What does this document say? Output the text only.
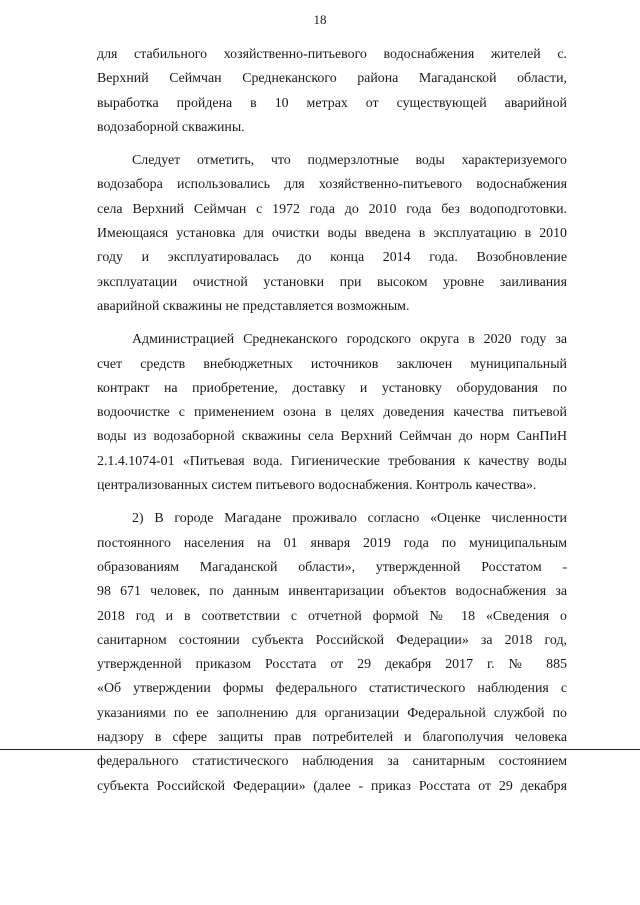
18
для стабильного хозяйственно-питьевого водоснабжения жителей с.
Верхний Сеймчан Среднеканского района Магаданской области,
выработка пройдена в 10 метрах от существующей аварийной
водозаборной скважины.
Следует отметить, что подмерзлотные воды характеризуемого
водозабора использовались для хозяйственно-питьевого водоснабжения
села Верхний Сеймчан с 1972 года до 2010 года без водоподготовки.
Имеющаяся установка для очистки воды введена в эксплуатацию в 2010
году и эксплуатировалась до конца 2014 года. Возобновление
эксплуатации очистной установки при высоком уровне заиливания
аварийной скважины не представляется возможным.
Администрацией Среднеканского городского округа в 2020 году за
счет средств внебюджетных источников заключен муниципальный
контракт на приобретение, доставку и установку оборудования по
водоочистке с применением озона в целях доведения качества питьевой
воды из водозаборной скважины села Верхний Сеймчан до норм СанПиН
2.1.4.1074-01 «Питьевая вода. Гигиенические требования к качеству воды
централизованных систем питьевого водоснабжения. Контроль качества».
2) В городе Магадане проживало согласно «Оценке численности
постоянного населения на 01 января 2019 года по муниципальным
образованиям Магаданской области», утвержденной Росстатом -
98 671 человек, по данным инвентаризации объектов водоснабжения за
2018 год и в соответствии с отчетной формой № 18 «Сведения о
санитарном состоянии субъекта Российской Федерации» за 2018 год,
утвержденной приказом Росстата от 29 декабря 2017 г. № 885
«Об утверждении формы федерального статистического наблюдения с
указаниями по ее заполнению для организации Федеральной службой по
надзору в сфере защиты прав потребителей и благополучия человека
федерального статистического наблюдения за санитарным состоянием
субъекта Российской Федерации» (далее - приказ Росстата от 29 декабря
